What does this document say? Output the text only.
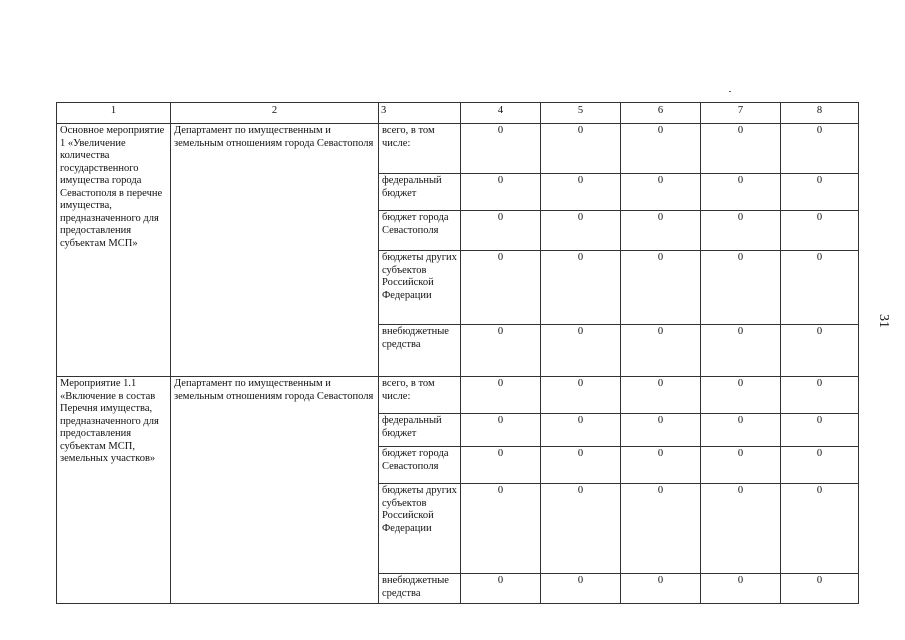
1	2	3	4	5	6	7	8
Основное мероприятие 1 «Увеличение количества государственного имущества города Севастополя в перечне имущества, предназначенного для предоставления субъектам МСП»	Департамент по имущественным и земельным отношениям города Севастополя	всего, в том числе:	0	0	0	0	0
		федеральный бюджет	0	0	0	0	0
		бюджет города Севастополя	0	0	0	0	0
		бюджеты других субъектов Российской Федерации	0	0	0	0	0
		внебюджетные средства	0	0	0	0	0
Мероприятие 1.1 «Включение в состав Перечня имущества, предназначенного для предоставления субъектам МСП, земельных участков»	Департамент по имущественным и земельным отношениям города Севастополя	всего, в том числе:	0	0	0	0	0
		федеральный бюджет	0	0	0	0	0
		бюджет города Севастополя	0	0	0	0	0
		бюджеты других субъектов Российской Федерации	0	0	0	0	0
		внебюджетные средства	0	0	0	0	0
31
